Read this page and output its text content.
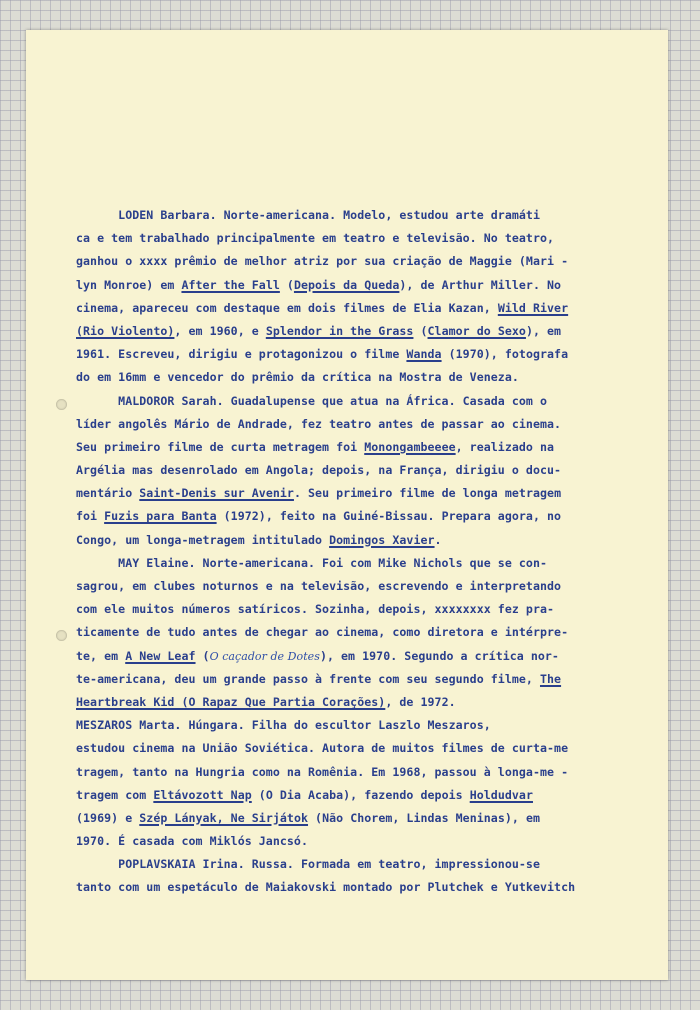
LODEN Barbara. Norte-americana. Modelo, estudou arte dramáti
ca e tem trabalhado principalmente em teatro e televisão. No teatro,
ganhou o xxxx prêmio de melhor atriz por sua criação de Maggie (Mari -
lyn Monroe) em After the Fall (Depois da Queda), de Arthur Miller. No
cinema, apareceu com destaque em dois filmes de Elia Kazan, Wild River
(Rio Violento), em 1960, e Splendor in the Grass (Clamor do Sexo), em
1961. Escreveu, dirigiu e protagonizou o filme Wanda (1970), fotografa
do em 16mm e vencedor do prêmio da crítica na Mostra de Veneza.
MALDOROR Sarah. Guadalupense que atua na África. Casada com o
líder angolês Mário de Andrade, fez teatro antes de passar ao cinema.
Seu primeiro filme de curta metragem foi Monongambeeee, realizado na
Argélia mas desenrolado em Angola; depois, na França, dirigiu o docu-
mentário Saint-Denis sur Avenir. Seu primeiro filme de longa metragem
foi Fuzis para Banta (1972), feito na Guiné-Bissau. Prepara agora, no
Congo, um longa-metragem intitulado Domingos Xavier.
MAY Elaine. Norte-americana. Foi com Mike Nichols que se con-
sagrou, em clubes noturnos e na televisão, escrevendo e interpretando
com ele muitos números satíricos. Sozinha, depois, xxxxxxxx fez pra-
ticamente de tudo antes de chegar ao cinema, como diretora e intérpre-
te, em A New Leaf (O caçador de Dotes), em 1970. Segundo a crítica nor-
te-americana, deu um grande passo à frente com seu segundo filme, The
Heartbreak Kid (O Rapaz Que Partia Corações), de 1972.
MESZAROS Marta. Húngara. Filha do escultor Laszlo Meszaros,
estudou cinema na União Soviética. Autora de muitos filmes de curta-me
tragem, tanto na Hungria como na Romênia. Em 1968, passou à longa-me -
tragem com Eltávozott Nap (O Dia Acaba), fazendo depois Holdudvar
(1969) e Szép Lányak, Ne Sirjátok (Não Chorem, Lindas Meninas), em
1970. É casada com Miklós Jancsó.
POPLAVSKAIA Irina. Russa. Formada em teatro, impressionou-se
tanto com um espetáculo de Maiakovski montado por Plutchek e Yutkevitch
